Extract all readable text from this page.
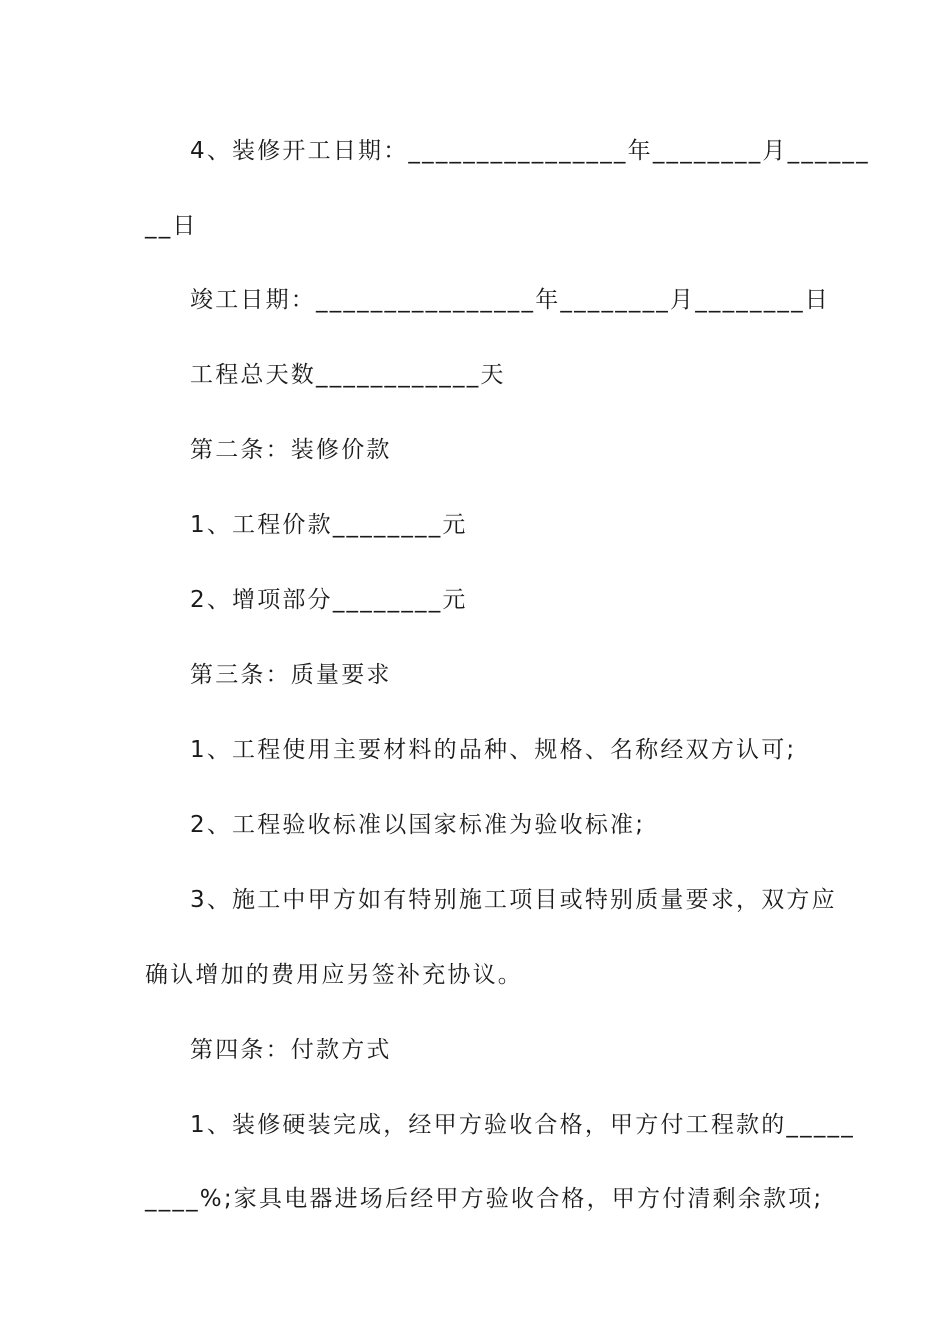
4、装修开工日期：________________年________月______
__日
竣工日期：________________年________月________日
工程总天数____________天
第二条：装修价款
1、工程价款________元
2、增项部分________元
第三条：质量要求
1、工程使用主要材料的品种、规格、名称经双方认可;
2、工程验收标准以国家标准为验收标准;
3、施工中甲方如有特别施工项目或特别质量要求，双方应
确认增加的费用应另签补充协议。
第四条：付款方式
1、装修硬装完成，经甲方验收合格，甲方付工程款的_____
____%;家具电器进场后经甲方验收合格，甲方付清剩余款项;
